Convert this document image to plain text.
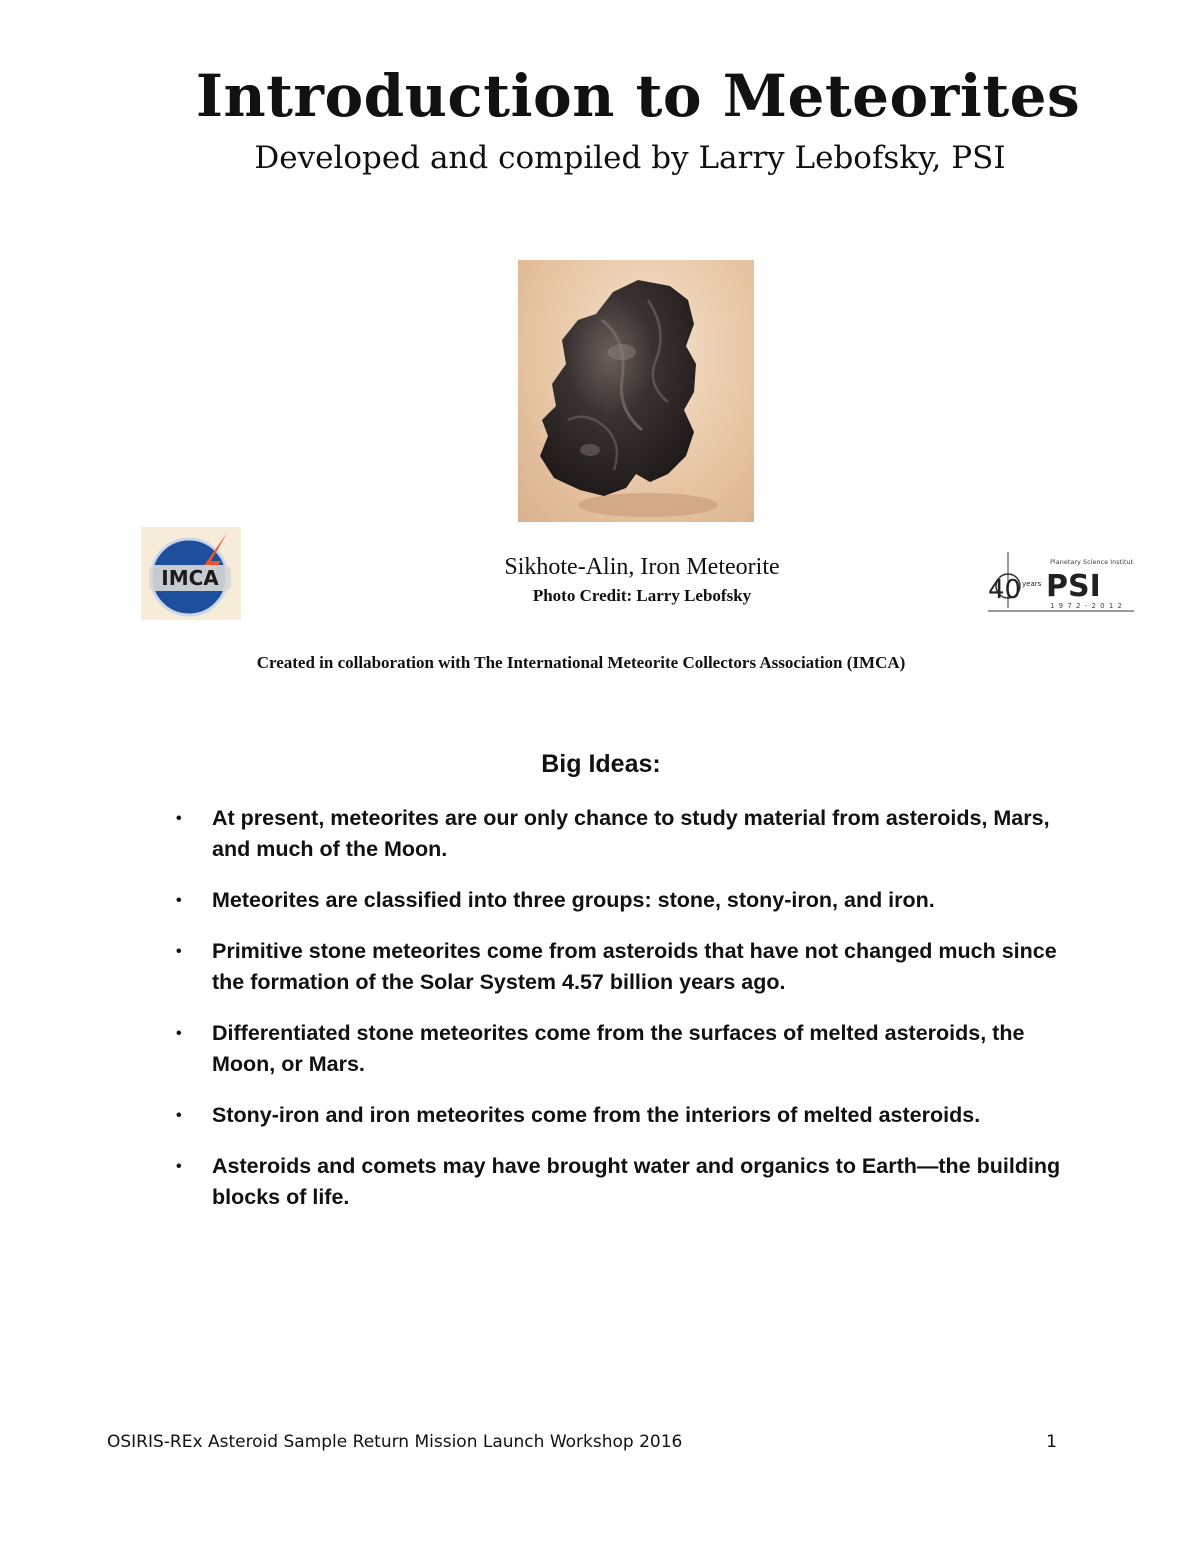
Introduction to Meteorites

Developed and compiled by Larry Lebofsky, PSI

IMCA	Sikhote-Alin, Iron Meteorite
Photo Credit: Larry Lebofsky	40 years
Planetary Science Institute
PSI
1 9 7 2 - 2 0 1 2
Created in collaboration with The International Meteorite Collectors Association (IMCA)
Big Ideas:
• At present, meteorites are our only chance to study material from asteroids, Mars, and much of the Moon.
• Meteorites are classified into three groups: stone, stony-iron, and iron.
• Primitive stone meteorites come from asteroids that have not changed much since the formation of the Solar System 4.57 billion years ago.
• Differentiated stone meteorites come from the surfaces of melted asteroids, the Moon, or Mars.
• Stony-iron and iron meteorites come from the interiors of melted asteroids.
• Asteroids and comets may have brought water and organics to Earth—the building blocks of life.
OSIRIS-REx Asteroid Sample Return Mission Launch Workshop 2016	1
